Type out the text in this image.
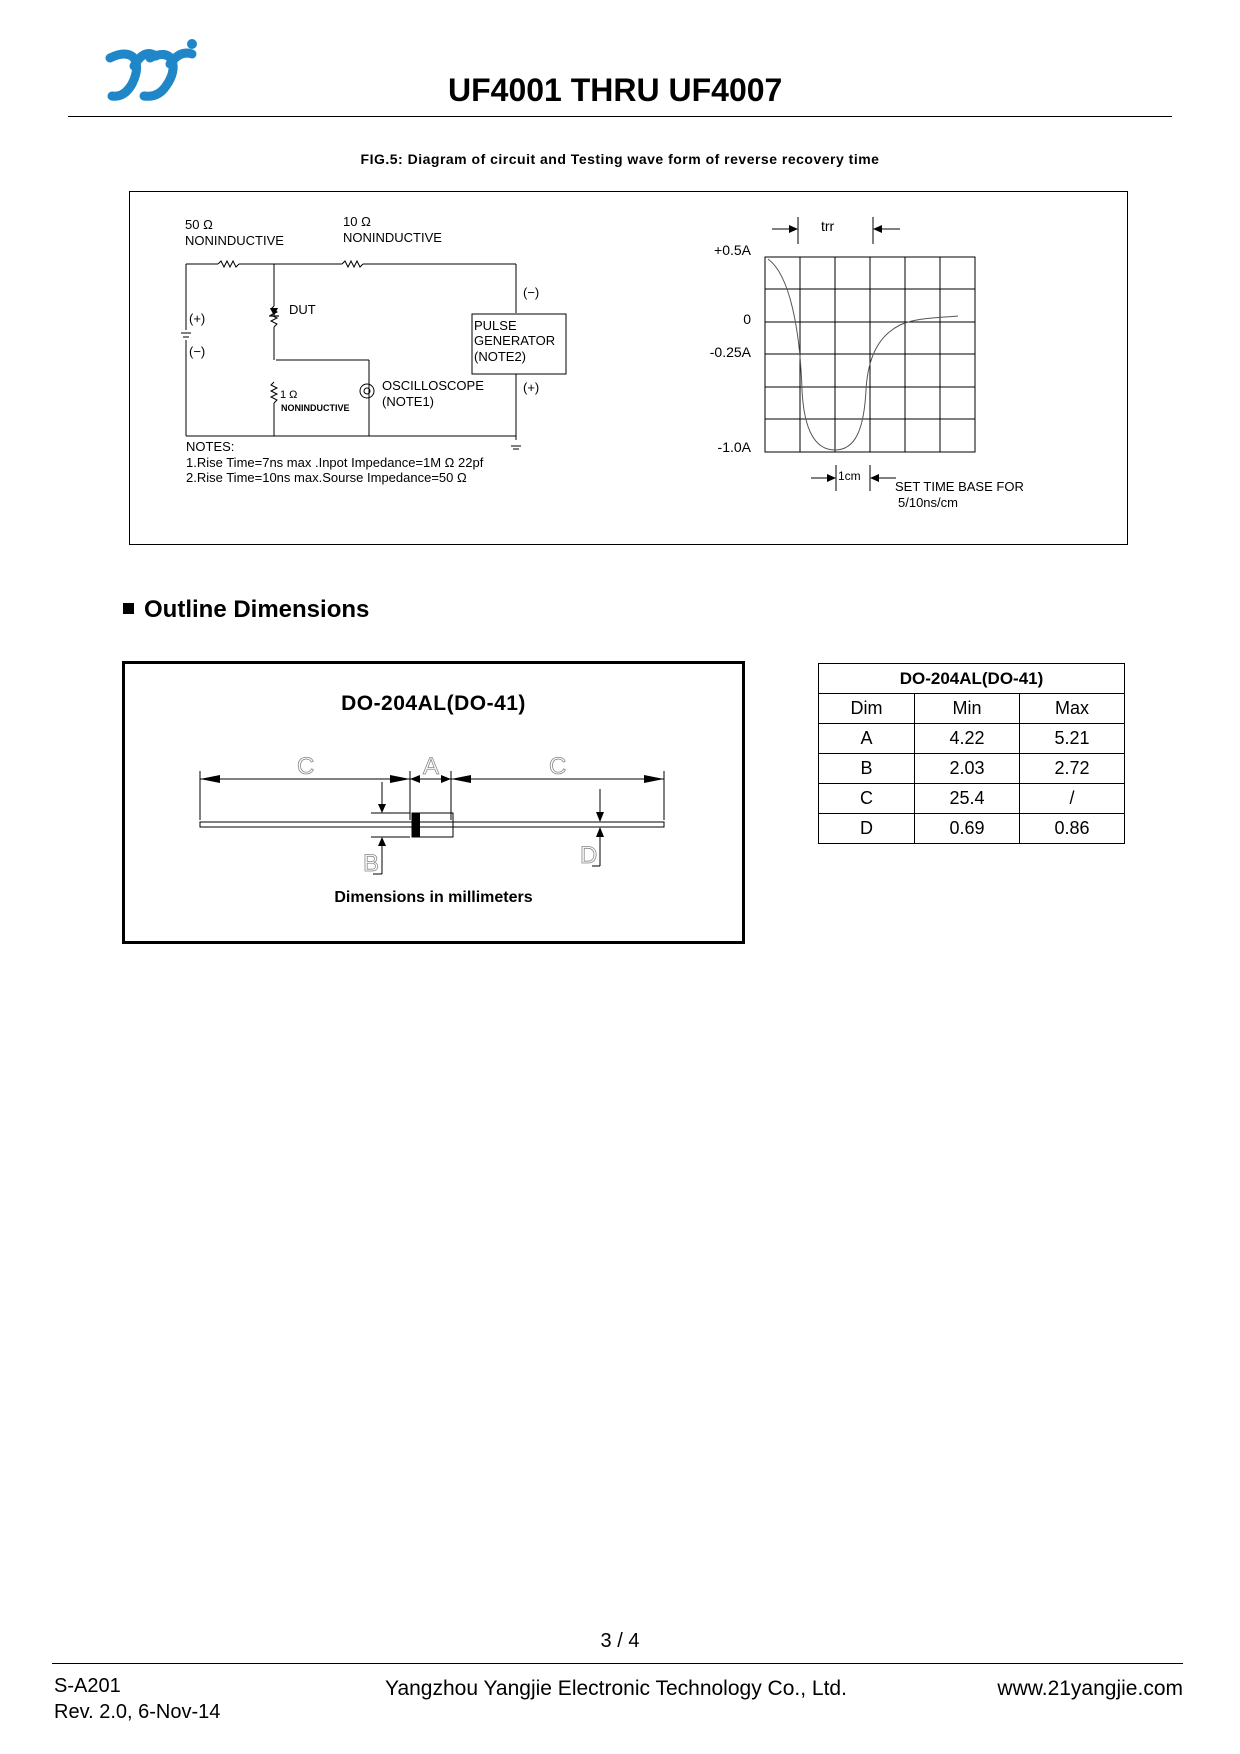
UF4001 THRU UF4007
FIG.5: Diagram of circuit and Testing wave form of reverse recovery time
50 Ω
NONINDUCTIVE
10 Ω
NONINDUCTIVE
DUT
(+)
(−)
(−)
(+)
PULSE
GENERATOR
(NOTE2)
1 Ω
NONINDUCTIVE
OSCILLOSCOPE
(NOTE1)
NOTES:
1.Rise Time=7ns max .Inpot Impedance=1M Ω 22pf
2.Rise Time=10ns max.Sourse Impedance=50 Ω
trr
+0.5A
0
-0.25A
-1.0A
1cm
SET TIME BASE FOR
5/10ns/cm
Outline Dimensions
DO-204AL(DO-41)
C	A	C
B	D
Dimensions in millimeters
DO-204AL(DO-41)		
Dim	Min	Max
A	4.22	5.21
B	2.03	2.72
C	25.4	/
D	0.69	0.86
3 / 4
S-A201
Rev. 2.0, 6-Nov-14
Yangzhou Yangjie Electronic Technology Co., Ltd.	www.21yangjie.com
